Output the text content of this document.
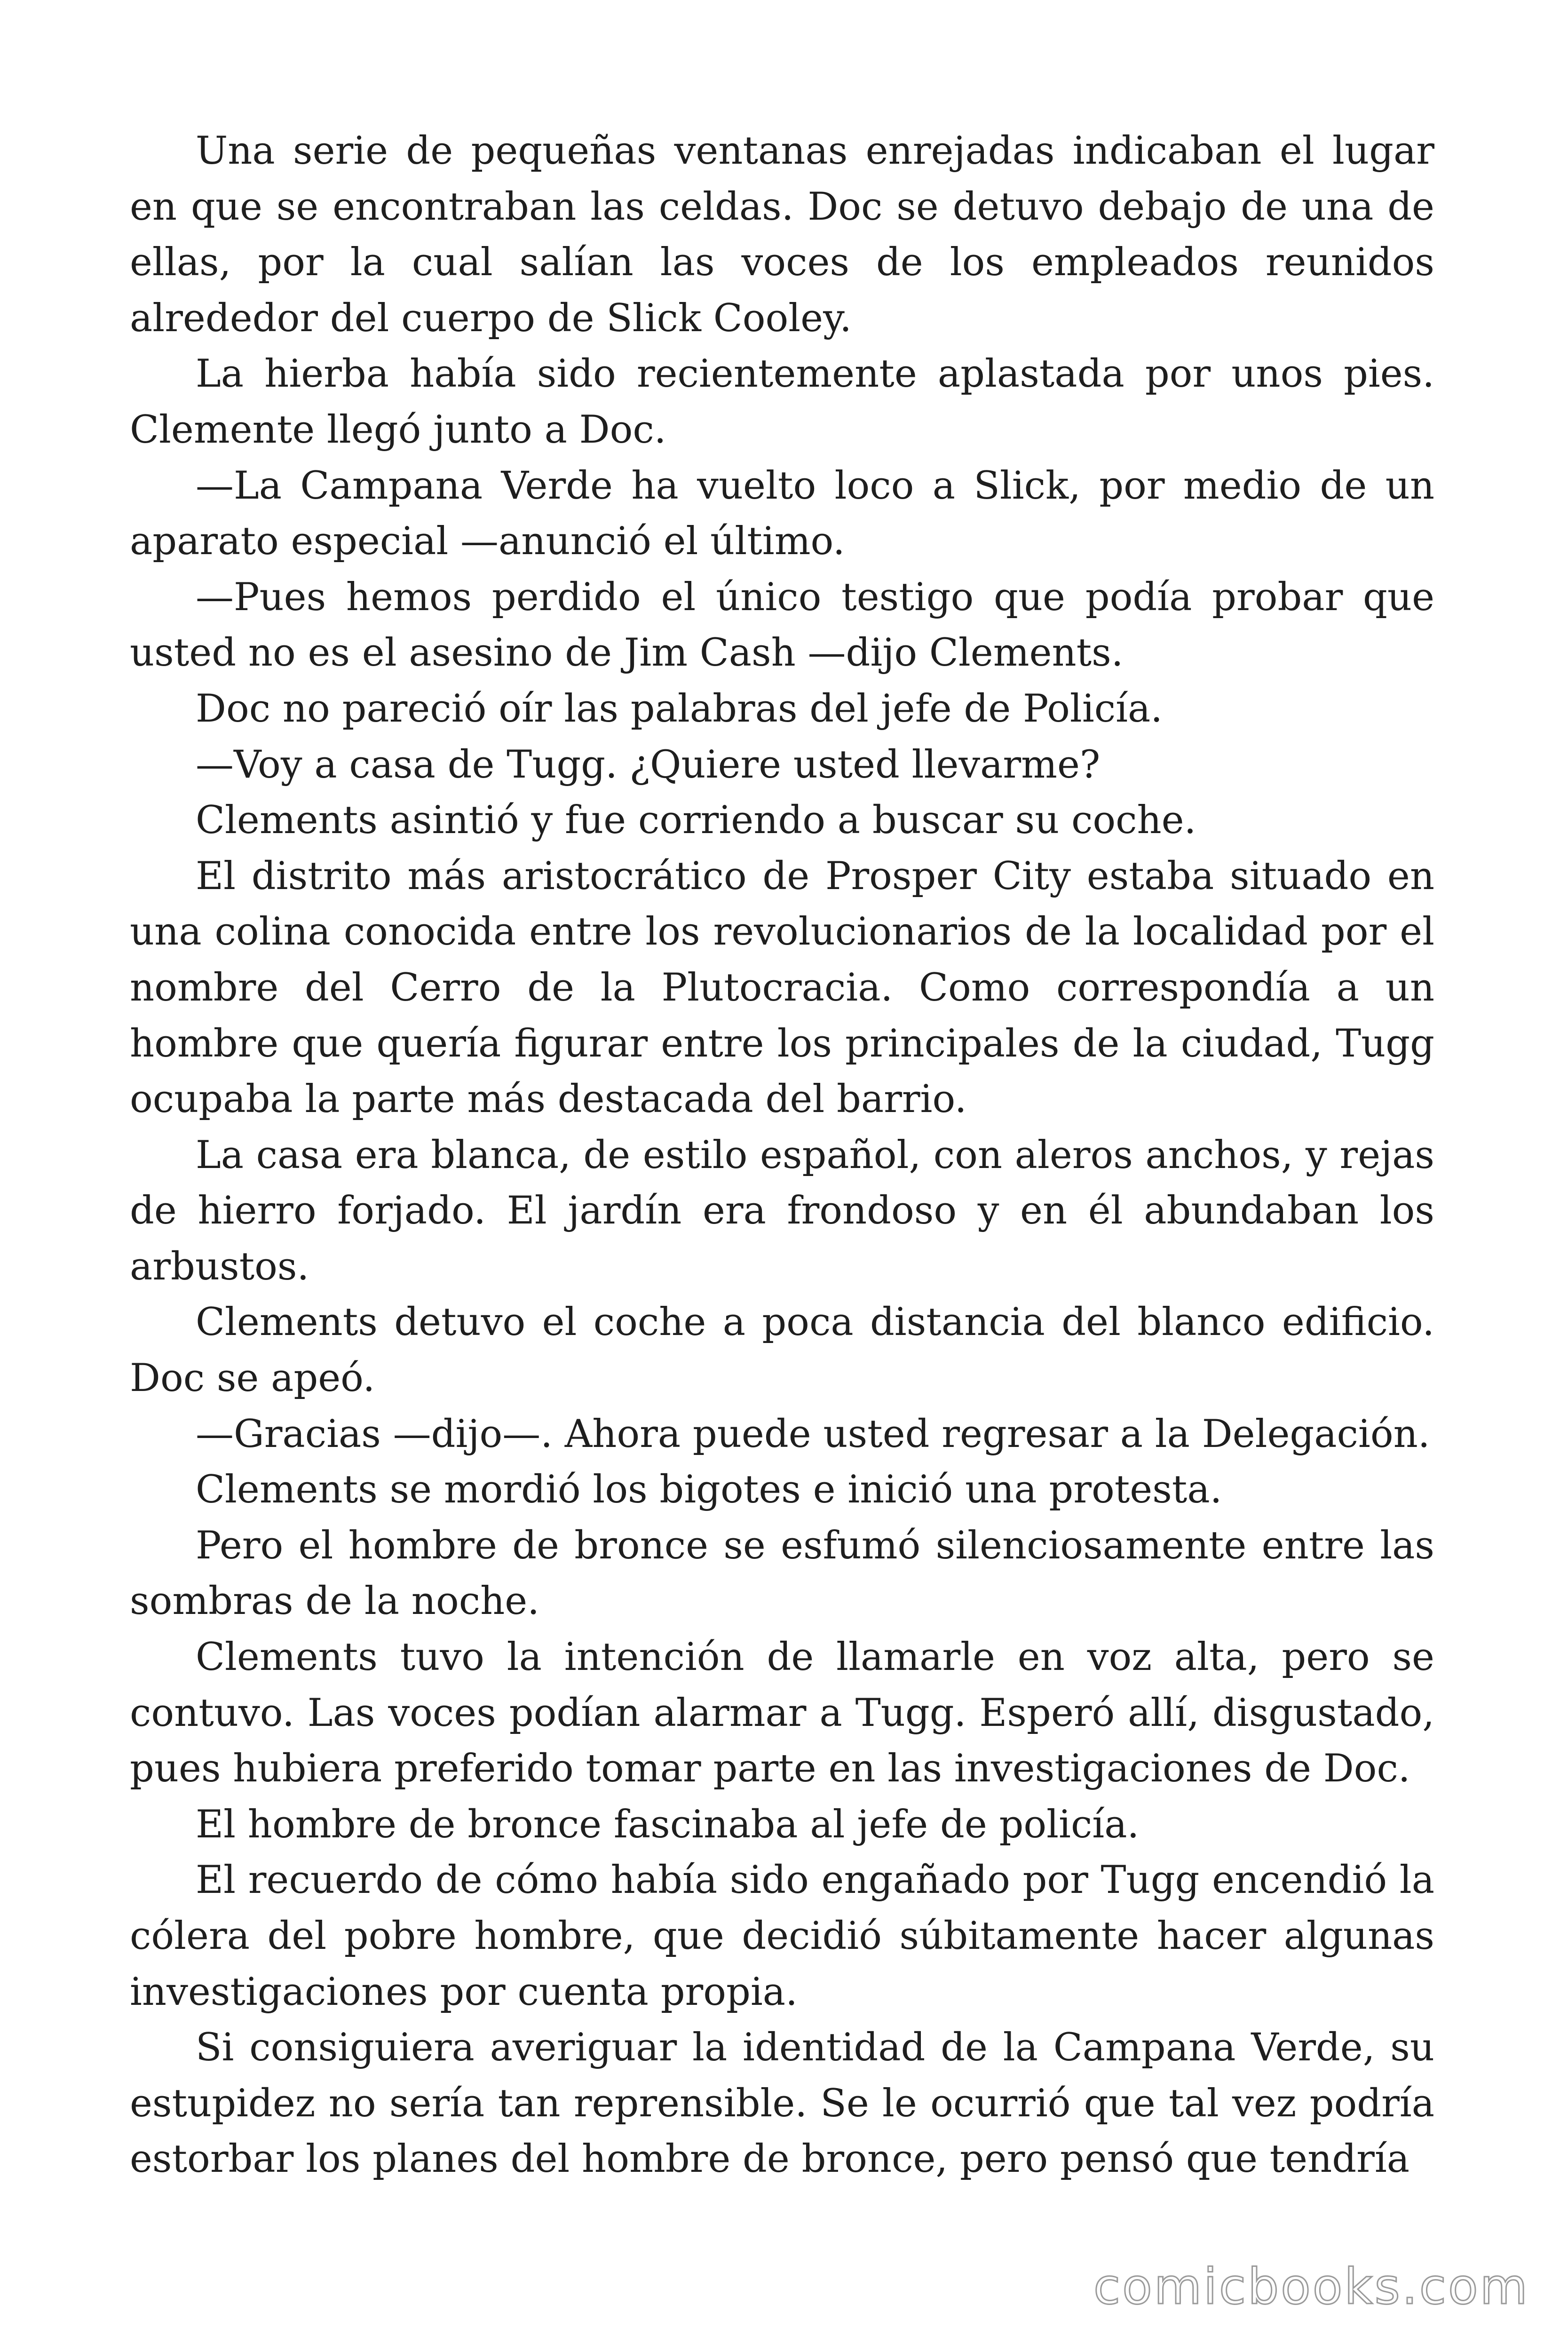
Una serie de pequeñas ventanas enrejadas indicaban el lugar en que se encontraban las celdas. Doc se detuvo debajo de una de ellas, por la cual salían las voces de los empleados reunidos alrededor del cuerpo de Slick Cooley.

La hierba había sido recientemente aplastada por unos pies. Clemente llegó junto a Doc.

—La Campana Verde ha vuelto loco a Slick, por medio de un aparato especial —anunció el último.

—Pues hemos perdido el único testigo que podía probar que usted no es el asesino de Jim Cash —dijo Clements.

Doc no pareció oír las palabras del jefe de Policía.

—Voy a casa de Tugg. ¿Quiere usted llevarme?

Clements asintió y fue corriendo a buscar su coche.

El distrito más aristocrático de Prosper City estaba situado en una colina conocida entre los revolucionarios de la localidad por el nombre del Cerro de la Plutocracia. Como correspondía a un hombre que quería figurar entre los principales de la ciudad, Tugg ocupaba la parte más destacada del barrio.

La casa era blanca, de estilo español, con aleros anchos, y rejas de hierro forjado. El jardín era frondoso y en él abundaban los arbustos.

Clements detuvo el coche a poca distancia del blanco edificio. Doc se apeó.

—Gracias —dijo—. Ahora puede usted regresar a la Delegación.

Clements se mordió los bigotes e inició una protesta.

Pero el hombre de bronce se esfumó silenciosamente entre las sombras de la noche.

Clements tuvo la intención de llamarle en voz alta, pero se contuvo. Las voces podían alarmar a Tugg. Esperó allí, disgustado, pues hubiera preferido tomar parte en las investigaciones de Doc.

El hombre de bronce fascinaba al jefe de policía.

El recuerdo de cómo había sido engañado por Tugg encendió la cólera del pobre hombre, que decidió súbitamente hacer algunas investigaciones por cuenta propia.

Si consiguiera averiguar la identidad de la Campana Verde, su estupidez no sería tan reprensible. Se le ocurrió que tal vez podría estorbar los planes del hombre de bronce, pero pensó que tendría

comicbooks.com
